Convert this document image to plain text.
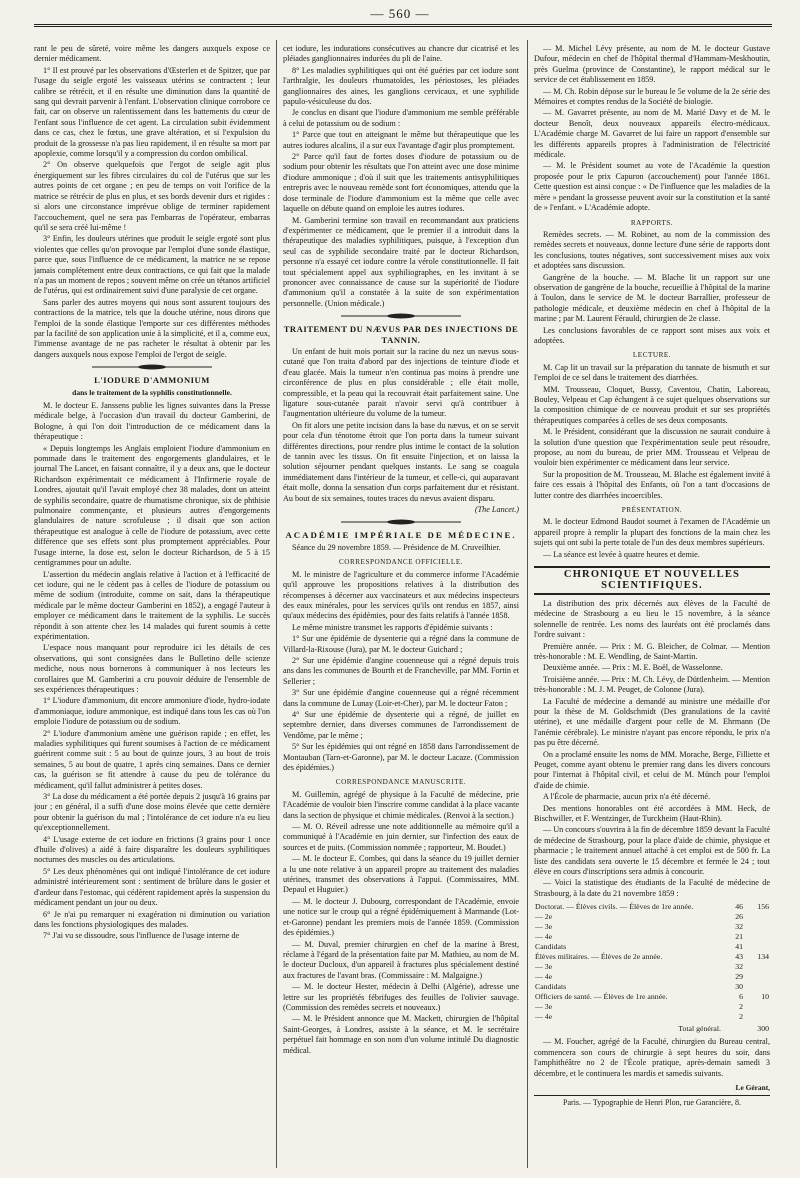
— 560 —

rant le peu de sûreté, voire même les dangers auxquels expose ce dernier médicament.

1° Il est prouvé par les observations d'Œsterlen et de Spitzer, que par l'usage du seigle ergoté les vaisseaux utérins se contractent ; leur calibre se rétrécit, et il en résulte une diminution dans la quantité de sang qui devrait parvenir à l'enfant. L'observation clinique corrobore ce fait, car on observe un ralentissement dans les battements du cœur de l'enfant sous l'influence de cet agent. La circulation subit évidemment dans ce cas, chez le fœtus, une grave altération, et si l'expulsion du produit de la grossesse n'a pas lieu rapidement, il en résulte sa mort par apoplexie, comme lorsqu'il y a compression du cordon ombilical.

2° On observe quelquefois que l'ergot de seigle agit plus énergiquement sur les fibres circulaires du col de l'utérus que sur les autres points de cet organe ; en peu de temps on voit l'orifice de la matrice se rétrécir de plus en plus, et ses bords devenir durs et rigides : si alors une circonstance imprévue oblige de terminer rapidement l'accouchement, quel ne sera pas l'embarras de l'opérateur, embarras qu'il se sera créé lui-même !

3° Enfin, les douleurs utérines que produit le seigle ergoté sont plus violentes que celles qu'on provoque par l'emploi d'une sonde élastique, parce que, sous l'influence de ce médicament, la matrice ne se repose jamais complétement entre deux contractions, ce qui fait que la malade n'a pas un moment de repos ; souvent même on crée un tétanos artificiel de l'utérus, qui est ordinairement suivi d'une paralysie de cet organe.

Sans parler des autres moyens qui nous sont assurent toujours des contractions de la matrice, tels que la douche utérine, nous dirons que l'emploi de la sonde élastique l'emporte sur ces différentes méthodes par la facilité de son application unie à la simplicité, et il a, comme eux, l'immense avantage de ne pas racheter le résultat à obtenir par les dangers auxquels nous expose l'emploi de l'ergot de seigle.

L'IODURE D'AMMONIUM
dans le traitement de la syphilis constitutionnelle.

M. le docteur E. Janssens publie les lignes suivantes dans la Presse médicale belge, à l'occasion d'un travail du docteur Gamberini, de Bologne, à qui l'on doit l'introduction de ce médicament dans la thérapeutique :

« Depuis longtemps les Anglais emploient l'iodure d'ammonium en pommade dans le traitement des engorgements glandulaires, et le journal The Lancet, en faisant connaître, il y a deux ans, que le docteur Richardson expérimentait ce médicament à l'Infirmerie royale de Londres, ajoutait qu'il l'avait employé chez 38 malades, dont un atteint de syphilis secondaire, quatre de rhumatisme chronique, six de phthisie pulmonaire commençante, et plusieurs autres d'engorgements glandulaires de nature scrofuleuse ; il disait que son action thérapeutique est analogue à celle de l'iodure de potassium, avec cette différence que ses effets sont plus promptement appréciables. Pour l'usage interne, la dose est, selon le docteur Richardson, de 5 à 15 centigrammes pour un adulte.

L'assertion du médecin anglais relative à l'action et à l'efficacité de cet iodure, qui ne le cèdent pas à celles de l'iodure de potassium ou même de sodium (introduite, comme on sait, dans la thérapeutique médicale par le même docteur Gamberini en 1852), a engagé l'auteur à employer ce médicament dans le traitement de la syphilis. Le succès répondit à son attente chez les 14 malades qui furent soumis à cette expérimentation.

L'espace nous manquant pour reproduire ici les détails de ces observations, qui sont consignées dans le Bulletino delle scienze mediche, nous nous bornerons à communiquer à nos lecteurs les corollaires que M. Gamberini a cru pouvoir déduire de l'ensemble de ses expériences thérapeutiques :

1° L'iodure d'ammonium, dit encore ammoniure d'iode, hydro-iodate d'ammoniaque, iodure ammonique, est indiqué dans tous les cas où l'on emploie l'iodure de potassium ou de sodium.

2° L'iodure d'ammonium amène une guérison rapide ; en effet, les maladies syphilitiques qui furent soumises à l'action de ce médicament guérirent comme suit : 5 au bout de quinze jours, 3 au bout de trois semaines, 5 au bout de quatre, 1 après cinq semaines. Dans ce dernier cas, la guérison se fit attendre à cause du peu de tolérance du médicament, qu'il fallut administrer à petites doses.

3° La dose du médicament a été portée depuis 2 jusqu'à 16 grains par jour ; en général, il a suffi d'une dose moins élevée que cette dernière pour obtenir la guérison du mal ; l'intolérance de cet iodure n'a eu lieu qu'exceptionnellement.

4° L'usage externe de cet iodure en frictions (3 grains pour 1 once d'huile d'olives) a aidé à faire disparaître les douleurs syphilitiques nocturnes des muscles ou des articulations.

5° Les deux phénomènes qui ont indiqué l'intolérance de cet iodure administré intérieurement sont : sentiment de brûlure dans le gosier et d'ardeur dans l'estomac, qui cédèrent rapidement après la suspension du médicament pendant un jour ou deux.

6° Je n'ai pu remarquer ni exagération ni diminution ou variation dans les fonctions physiologiques des malades.

7° J'ai vu se dissoudre, sous l'influence de l'usage interne de

cet iodure, les indurations consécutives au chancre dur cicatrisé et les pléiades ganglionnaires indurées du pli de l'aine.

8° Les maladies syphilitiques qui ont été guéries par cet iodure sont l'arthralgie, les douleurs rhumatoïdes, les périostoses, les pléiades ganglionnaires des aines, les ganglions cervicaux, et une syphilide papulo-vésiculeuse du dos.

Je conclus en disant que l'iodure d'ammonium me semble préférable à celui de potassium ou de sodium :

1° Parce que tout en atteignant le même but thérapeutique que les autres iodures alcalins, il a sur eux l'avantage d'agir plus promptement.

2° Parce qu'il faut de fortes doses d'iodure de potassium ou de sodium pour obtenir les résultats que l'on atteint avec une dose minime d'iodure ammonique ; d'où il suit que les traitements antisyphilitiques entrepris avec le nouveau remède sont fort économiques, attendu que la dose terminale de l'iodure d'ammonium est la même que celle avec laquelle on débute quand on emploie les autres iodures.

M. Gamberini termine son travail en recommandant aux praticiens d'expérimenter ce médicament, que le premier il a introduit dans la thérapeutique des maladies syphilitiques, puisque, à l'exception d'un seul cas de syphilide secondaire traité par le docteur Richardson, personne n'a essayé cet iodure contre la vérole constitutionnelle. Il fait tout spécialement appel aux syphiliographes, en les invitant à se prononcer avec connaissance de cause sur la supériorité de l'iodure d'ammonium qu'il a constatée à la suite de son expérimentation personnelle. (Union médicale.)

TRAITEMENT DU NÆVUS PAR DES INJECTIONS DE TANNIN.

Un enfant de huit mois portait sur la racine du nez un nævus sous-cutané que l'on traita d'abord par des injections de teinture d'iode et d'eau glacée. Mais la tumeur n'en continua pas moins à prendre une circonférence de plus en plus considérable ; elle était molle, compressible, et la peau qui la recouvrait était parfaitement saine. Une ligature sous-cutanée parait n'avoir servi qu'à contribuer à l'augmentation ultérieure du volume de la tumeur.

On fit alors une petite incision dans la base du nævus, et on se servit pour cela d'un ténotome étroit que l'on porta dans la tumeur suivant différentes directions, pour rendre plus intime le contact de la solution de tannin avec les tissus. On fit ensuite l'injection, et on laissa la solution séjourner pendant quelques instants. Le sang se coagula immédiatement dans l'intérieur de la tumeur, et celle-ci, qui auparavant était molle, donna la sensation d'un corps parfaitement dur et résistant. Au bout de six semaines, toutes traces du nævus avaient disparu.

(The Lancet.)

ACADÉMIE IMPÉRIALE DE MÉDECINE.

Séance du 29 novembre 1859. — Présidence de M. Cruveilhier.

CORRESPONDANCE OFFICIELLE.

M. le ministre de l'agriculture et du commerce informe l'Académie qu'il approuve les propositions relatives à la distribution des récompenses à décerner aux vaccinateurs et aux médecins inspecteurs des eaux minérales, pour les services qu'ils ont rendus en 1857, ainsi qu'aux médecins des épidémies, pour des faits relatifs à l'année 1858.

Le même ministre transmet les rapports d'épidémie suivants :

1° Sur une épidémie de dysenterie qui a régné dans la commune de Villard-la-Rixouse (Jura), par M. le docteur Guichard ;

2° Sur une épidémie d'angine couenneuse qui a régné depuis trois ans dans les communes de Bourth et de Francheville, par MM. Fortin et Sellerier ;

3° Sur une épidémie d'angine couenneuse qui a régné récemment dans la commune de Lunay (Loir-et-Cher), par M. le docteur Faton ;

4° Sur une épidémie de dysenterie qui a régné, de juillet en septembre dernier, dans diverses communes de l'arrondissement de Vendôme, par le même ;

5° Sur les épidémies qui ont régné en 1858 dans l'arrondissement de Montauban (Tarn-et-Garonne), par M. le docteur Lacaze. (Commission des épidémies.)

CORRESPONDANCE MANUSCRITE.

M. Guillemin, agrégé de physique à la Faculté de médecine, prie l'Académie de vouloir bien l'inscrire comme candidat à la place vacante dans la section de physique et chimie médicales. (Renvoi à la section.)

— M. O. Réveil adresse une note additionnelle au mémoire qu'il a communiqué à l'Académie en juin dernier, sur l'infection des eaux de sources et de puits. (Commission nommée ; rapporteur, M. Boudet.)

— M. le docteur E. Combes, qui dans la séance du 19 juillet dernier a lu une note relative à un appareil propre au traitement des maladies utérines, transmet des observations à l'appui. (Commissaires, MM. Depaul et Huguier.)

— M. le docteur J. Dubourg, correspondant de l'Académie, envoie une notice sur le croup qui a régné épidémiquement à Marmande (Lot-et-Garonne) pendant les premiers mois de l'année 1859. (Commission des épidémies.)

— M. Duval, premier chirurgien en chef de la marine à Brest, réclame à l'égard de la présentation faite par M. Mathieu, au nom de M. le docteur Ducloux, d'un appareil à fractures plus spécialement destiné aux fractures de l'avant bras. (Commissaire : M. Malgaigne.)

— M. le docteur Hester, médecin à Delhi (Algérie), adresse une lettre sur les propriétés fébrifuges des feuilles de l'olivier sauvage. (Commission des remèdes secrets et nouveaux.)

— M. le Président annonce que M. Mackett, chirurgien de l'hôpital Saint-Georges, à Londres, assiste à la séance, et M. le secrétaire perpétuel fait hommage en son nom d'un volume intitulé Du diagnostic médical.

— M. Michel Lévy présente, au nom de M. le docteur Gustave Dufour, médecin en chef de l'hôpital thermal d'Hammam-Meskhoutin, près Guelma (province de Constantine), le rapport médical sur le service de cet établissement en 1859.

— M. Ch. Robin dépose sur le bureau le 5e volume de la 2e série des Mémoires et comptes rendus de la Société de biologie.

— M. Gavarret présente, au nom de M. Marié Davy et de M. le docteur Benoît, deux nouveaux appareils électro-médicaux. L'Académie charge M. Gavarret de lui faire un rapport d'ensemble sur les différents appareils propres à l'administration de l'électricité médicale.

— M. le Président soumet au vote de l'Académie la question proposée pour le prix Capuron (accouchement) pour l'année 1861. Cette question est ainsi conçue : « De l'influence que les maladies de la mère » pendant la grossesse peuvent avoir sur la constitution et la santé de » l'enfant. » L'Académie adopte.

RAPPORTS.

Remèdes secrets. — M. Robinet, au nom de la commission des remèdes secrets et nouveaux, donne lecture d'une série de rapports dont les conclusions, toutes négatives, sont successivement mises aux voix et adoptées sans discussion.

Gangrène de la bouche. — M. Blache lit un rapport sur une observation de gangrène de la bouche, recueillie à l'hôpital de la marine à Toulon, dans le service de M. le docteur Barrallier, professeur de pathologie médicale, et deuxième médecin en chef à l'hôpital de la marine ; par M. Laurent Férauld, chirurgien de 2e classe.

Les conclusions favorables de ce rapport sont mises aux voix et adoptées.

LECTURE.

M. Cap lit un travail sur la préparation du tannate de bismuth et sur l'emploi de ce sel dans le traitement des diarrhées.

MM. Trousseau, Cloquet, Bussy, Caventou, Chatin, Laboreau, Bouley, Velpeau et Cap échangent à ce sujet quelques observations sur la composition chimique de ce nouveau produit et sur ses propriétés thérapeutiques comparées à celles de ses deux composants.

M. le Président, considérant que la discussion ne saurait conduire à la solution d'une question que l'expérimentation seule peut résoudre, propose, au nom du bureau, de prier MM. Trousseau et Velpeau de vouloir bien expérimenter ce médicament dans leur service.

Sur la proposition de M. Trousseau, M. Blache est également invité à faire ces essais à l'hôpital des Enfants, où l'on a tant d'occasions de lutter contre des diarrhées incoercibles.

PRÉSENTATION.

M. le docteur Edmond Baudot soumet à l'examen de l'Académie un appareil propre à remplir la plupart des fonctions de la main chez les sujets qui ont subi la perte totale de l'un des deux membres supérieurs.

— La séance est levée à quatre heures et demie.

CHRONIQUE ET NOUVELLES SCIENTIFIQUES.

La distribution des prix décernés aux élèves de la Faculté de médecine de Strasbourg a eu lieu le 15 novembre, à la séance solennelle de rentrée. Les noms des lauréats ont été proclamés dans l'ordre suivant :

Première année. — Prix : M. G. Bleicher, de Colmar. — Mention très-honorable : M. E. Wendling, de Saint-Martin.

Deuxième année. — Prix : M. E. Boël, de Wasselonne.

Troisième année. — Prix : M. Ch. Lévy, de Düttlenheim. — Mention très-honorable : M. J. M. Peuget, de Colonne (Jura).

La Faculté de médecine a demandé au ministre une médaille d'or pour la thèse de M. Goldschmidt (Des granulations de la cavité utérine), et une médaille d'argent pour celle de M. Ehrmann (De l'anémie cérébrale). Le ministre n'ayant pas encore répondu, le prix n'a pas pu être décerné.

On a proclamé ensuite les noms de MM. Morache, Berge, Filliette et Peuget, comme ayant obtenu le premier rang dans les divers concours pour l'internat à l'hôpital civil, et celui de M. Münch pour l'emploi d'aide de chimie.

A l'École de pharmacie, aucun prix n'a été décerné.

Des mentions honorables ont été accordées à MM. Heck, de Bischwiller, et F. Wentzinger, de Turckheim (Haut-Rhin).

— Un concours s'ouvrira à la fin de décembre 1859 devant la Faculté de médecine de Strasbourg, pour la place d'aide de chimie, physique et pharmacie ; le traitement annuel attaché à cet emploi est de 500 fr. La liste des candidats sera ouverte le 15 décembre et fermée le 24 ; tout élève en cours d'inscriptions sera admis à concourir.

— Voici la statistique des étudiants de la Faculté de médecine de Strasbourg, à la date du 21 novembre 1859 :

Doctorat. — Élèves civils. — Élèves de 1re année.	46	156
— 2e	26	
— 3e	32	
— 4e	21	
Candidats	41	
Élèves militaires. — Élèves de 2e année.	43	134
— 3e	32	
— 4e	29	
Candidats	30	
Officiers de santé. — Élèves de 1re année.	6	10
— 3e	2	
— 4e	2	
Total général.		300

— M. Foucher, agrégé de la Faculté, chirurgien du Bureau central, commencera son cours de chirurgie à sept heures du soir, dans l'amphithéâtre no 2 de l'École pratique, après-demain samedi 3 décembre, et le continuera les mardis et samedis suivants.

Le Gérant,
Paris. — Typographie de Henri Plon, rue Garancière, 8.
